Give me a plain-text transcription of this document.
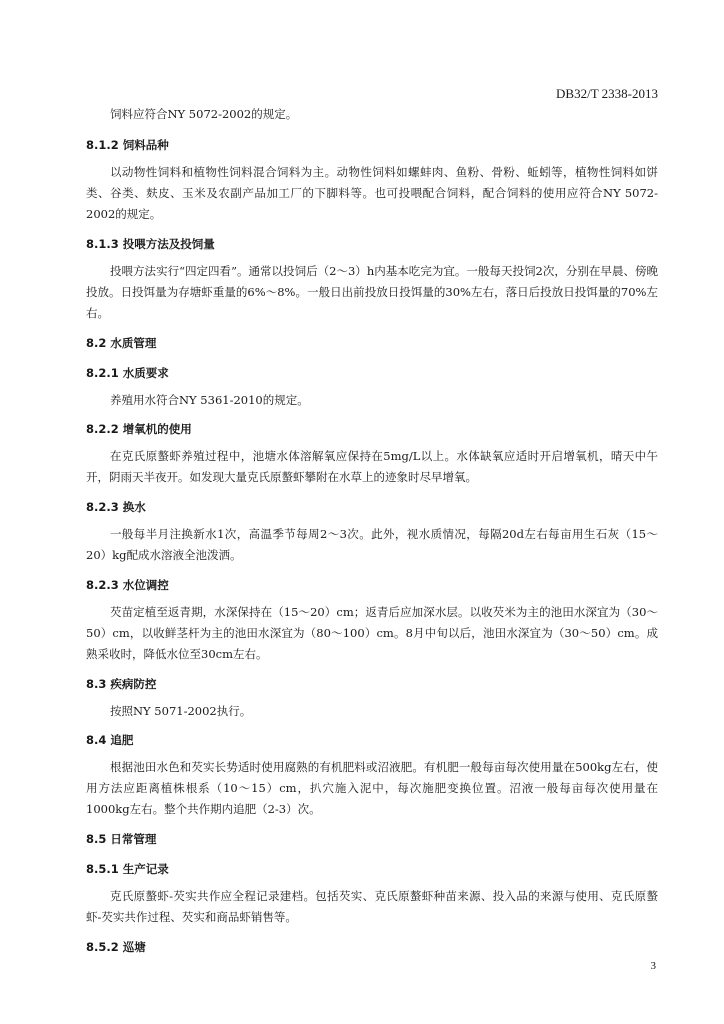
DB32/T 2338-2013
饲料应符合NY 5072-2002的规定。
8.1.2 饲料品种
以动物性饲料和植物性饲料混合饲料为主。动物性饲料如螺蚌肉、鱼粉、骨粉、蚯蚓等，植物性饲料如饼类、谷类、麸皮、玉米及农副产品加工厂的下脚料等。也可投喂配合饲料，配合饲料的使用应符合NY 5072-2002的规定。
8.1.3 投喂方法及投饲量
投喂方法实行“四定四看”。通常以投饲后（2～3）h内基本吃完为宜。一般每天投饲2次，分别在早晨、傍晚投放。日投饵量为存塘虾重量的6%～8%。一般日出前投放日投饵量的30%左右，落日后投放日投饵量的70%左右。
8.2 水质管理
8.2.1 水质要求
养殖用水符合NY 5361-2010的规定。
8.2.2 增氧机的使用
在克氏原螯虾养殖过程中，池塘水体溶解氧应保持在5mg/L以上。水体缺氧应适时开启增氧机，晴天中午开，阴雨天半夜开。如发现大量克氏原螯虾攀附在水草上的迹象时尽早增氧。
8.2.3 换水
一般每半月注换新水1次，高温季节每周2～3次。此外，视水质情况，每隔20d左右每亩用生石灰（15～20）kg配成水溶液全池泼洒。
8.2.3 水位调控
芡苗定植至返青期，水深保持在（15～20）cm；返青后应加深水层。以收芡米为主的池田水深宜为（30～50）cm，以收鲜茎杆为主的池田水深宜为（80～100）cm。8月中旬以后，池田水深宜为（30～50）cm。成熟采收时，降低水位至30cm左右。
8.3 疾病防控
按照NY 5071-2002执行。
8.4 追肥
根据池田水色和芡实长势适时使用腐熟的有机肥料或沼液肥。有机肥一般每亩每次使用量在500kg左右，使用方法应距离植株根系（10～15）cm，扒穴施入泥中，每次施肥变换位置。沼液一般每亩每次使用量在1000kg左右。整个共作期内追肥（2-3）次。
8.5 日常管理
8.5.1 生产记录
克氏原螯虾-芡实共作应全程记录建档。包括芡实、克氏原螯虾种苗来源、投入品的来源与使用、克氏原螯虾-芡实共作过程、芡实和商品虾销售等。
8.5.2 巡塘
3
